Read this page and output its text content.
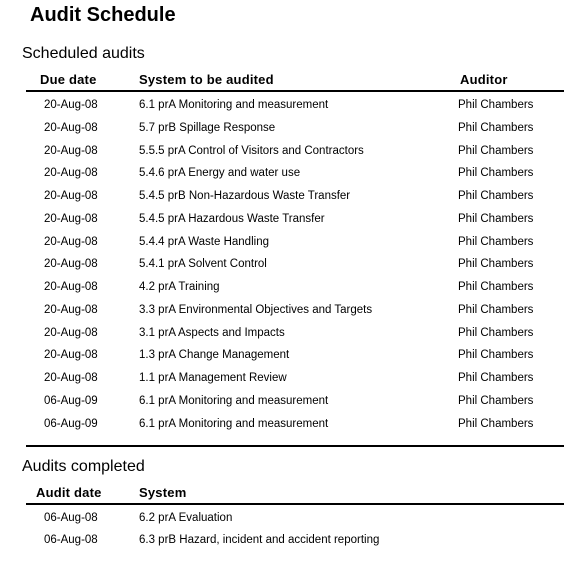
Audit Schedule
Scheduled audits
Due date	System to be audited	Auditor
20-Aug-08	6.1 prA Monitoring and measurement	Phil Chambers
20-Aug-08	5.7 prB Spillage Response	Phil Chambers
20-Aug-08	5.5.5 prA Control of Visitors and Contractors	Phil Chambers
20-Aug-08	5.4.6 prA Energy and water use	Phil Chambers
20-Aug-08	5.4.5 prB Non-Hazardous Waste Transfer	Phil Chambers
20-Aug-08	5.4.5 prA Hazardous Waste Transfer	Phil Chambers
20-Aug-08	5.4.4 prA Waste Handling	Phil Chambers
20-Aug-08	5.4.1 prA Solvent Control	Phil Chambers
20-Aug-08	4.2 prA Training	Phil Chambers
20-Aug-08	3.3 prA Environmental Objectives and Targets	Phil Chambers
20-Aug-08	3.1 prA Aspects and Impacts	Phil Chambers
20-Aug-08	1.3 prA Change Management	Phil Chambers
20-Aug-08	1.1 prA Management Review	Phil Chambers
06-Aug-09	6.1 prA Monitoring and measurement	Phil Chambers
06-Aug-09	6.1 prA Monitoring and measurement	Phil Chambers
Audits completed
Audit date	System
06-Aug-08	6.2 prA Evaluation
06-Aug-08	6.3 prB Hazard, incident and accident reporting
